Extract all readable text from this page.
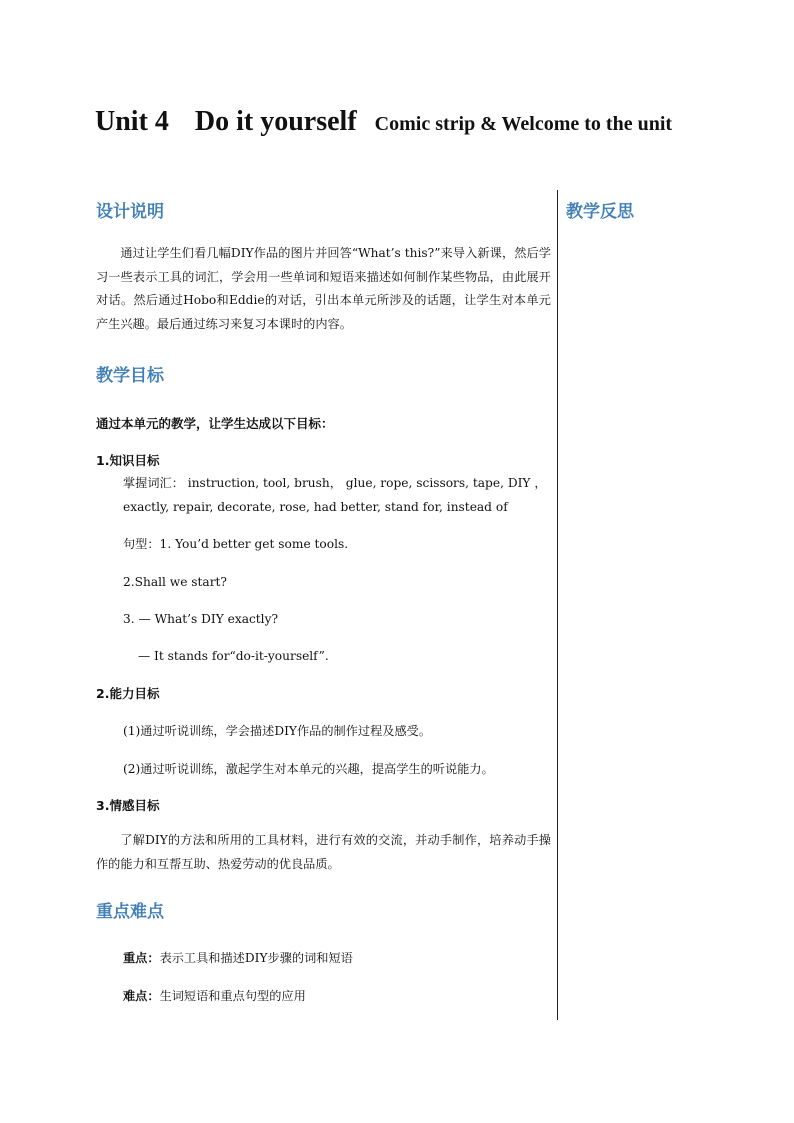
Unit 4 Do it yourself Comic strip & Welcome to the unit
设计说明

通过让学生们看几幅DIY作品的图片并回答“What’s this?”来导入新课，然后学习一些表示工具的词汇，学会用一些单词和短语来描述如何制作某些物品，由此展开对话。然后通过Hobo和Eddie的对话，引出本单元所涉及的话题，让学生对本单元产生兴趣。最后通过练习来复习本课时的内容。

教学目标

通过本单元的教学，让学生达成以下目标：

1.知识目标

掌握词汇： instruction, tool, brush， glue, rope, scissors, tape, DIY ，

exactly, repair, decorate, rose, had better, stand for, instead of

句型：1. You’d better get some tools.

2.Shall we start?

3. — What’s DIY exactly?

— It stands for“do-it-yourself”.

2.能力目标

(1)通过听说训练，学会描述DIY作品的制作过程及感受。

(2)通过听说训练，激起学生对本单元的兴趣，提高学生的听说能力。

3.情感目标

了解DIY的方法和所用的工具材料，进行有效的交流，并动手制作，培养动手操作的能力和互帮互助、热爱劳动的优良品质。

重点难点

重点：表示工具和描述DIY步骤的词和短语

难点：生词短语和重点句型的应用

教学反思
